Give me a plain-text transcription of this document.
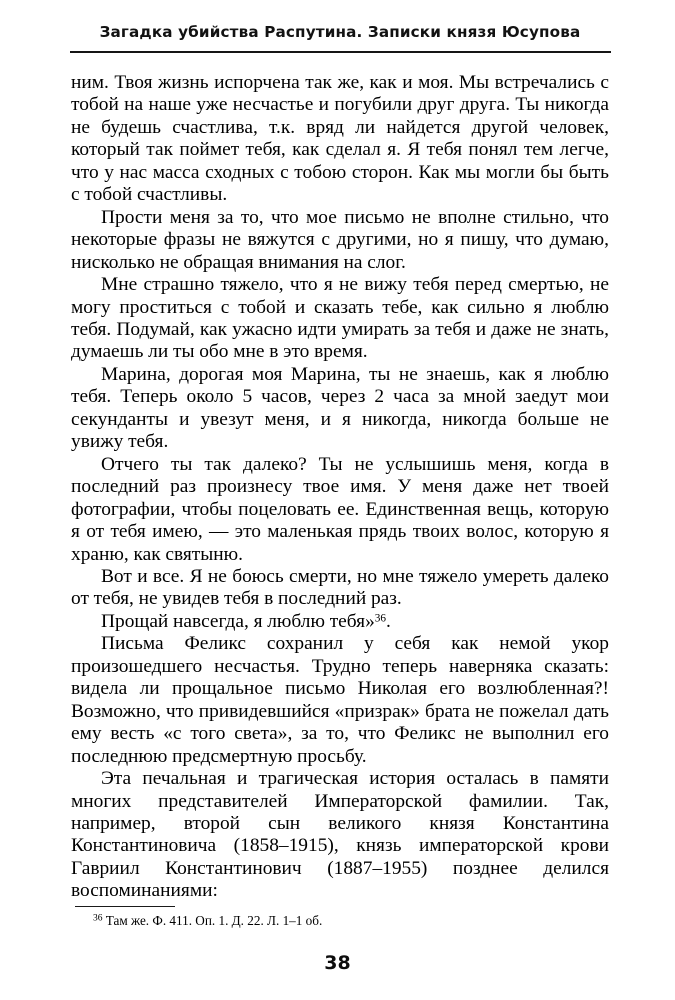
Загадка убийства Распутина. Записки князя Юсупова

ним. Твоя жизнь испорчена так же, как и моя. Мы встречались с тобой на наше уже несчастье и погубили друг друга. Ты никогда не будешь счастлива, т.к. вряд ли найдется другой человек, который так поймет тебя, как сделал я. Я тебя понял тем легче, что у нас масса сходных с тобою сторон. Как мы могли бы быть с тобой счастливы.

Прости меня за то, что мое письмо не вполне стильно, что некоторые фразы не вяжутся с другими, но я пишу, что думаю, нисколько не обращая внимания на слог.

Мне страшно тяжело, что я не вижу тебя перед смертью, не могу проститься с тобой и сказать тебе, как сильно я люблю тебя. Подумай, как ужасно идти умирать за тебя и даже не знать, думаешь ли ты обо мне в это время.

Марина, дорогая моя Марина, ты не знаешь, как я люблю тебя. Теперь около 5 часов, через 2 часа за мной заедут мои секунданты и увезут меня, и я никогда, никогда больше не увижу тебя.

Отчего ты так далеко? Ты не услышишь меня, когда в последний раз произнесу твое имя. У меня даже нет твоей фотографии, чтобы поцеловать ее. Единственная вещь, которую я от тебя имею, — это маленькая прядь твоих волос, которую я храню, как святыню.

Вот и все. Я не боюсь смерти, но мне тяжело умереть далеко от тебя, не увидев тебя в последний раз.

Прощай навсегда, я люблю тебя»$^{36}$.

Письма Феликс сохранил у себя как немой укор произошедшего несчастья. Трудно теперь наверняка сказать: видела ли прощальное письмо Николая его возлюбленная?! Возможно, что привидевшийся «призрак» брата не пожелал дать ему весть «с того света», за то, что Феликс не выполнил его последнюю предсмертную просьбу.

Эта печальная и трагическая история осталась в памяти многих представителей Императорской фамилии. Так, например, второй сын великого князя Константина Константиновича (1858–1915), князь императорской крови Гавриил Константинович (1887–1955) позднее делился воспоминаниями:

$^{36}$ Там же. Ф. 411. Оп. 1. Д. 22. Л. 1–1 об.

38
